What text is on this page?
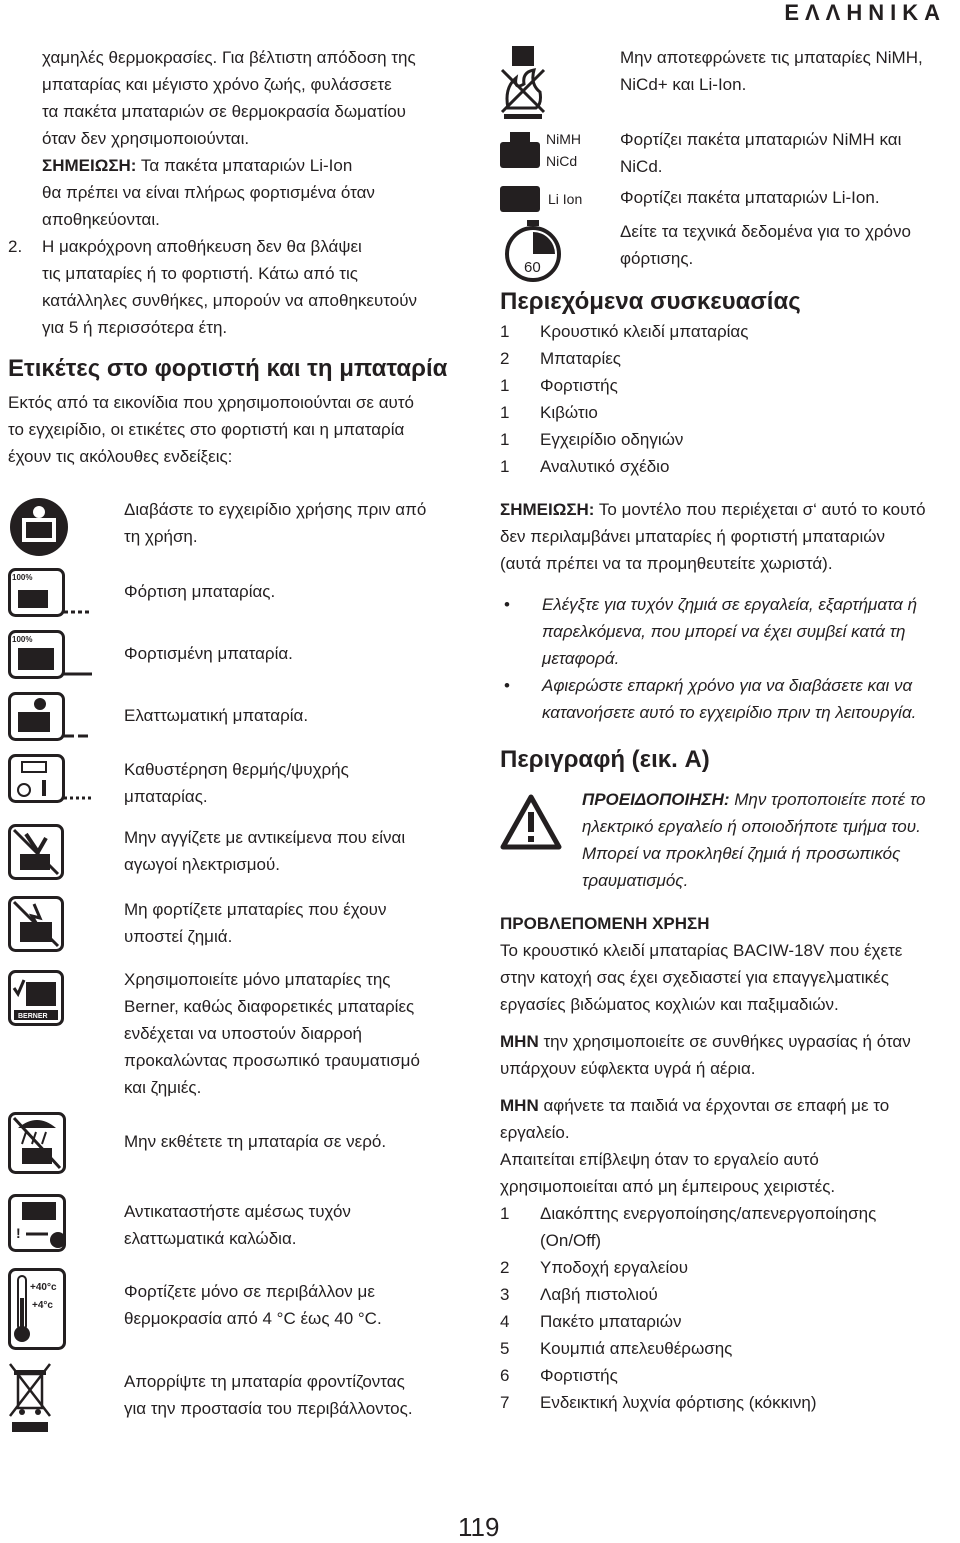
ΕΛΛΗΝΙΚΑ
χαμηλές θερμοκρασίες. Για βέλτιστη απόδοση της
μπαταρίας και μέγιστο χρόνο ζωής, φυλάσσετε
τα πακέτα μπαταριών σε θερμοκρασία δωματίου
όταν δεν χρησιμοποιούνται.
ΣΗΜΕΙΩΣΗ: Τα πακέτα μπαταριών Li-Ion
θα πρέπει να είναι πλήρως φορτισμένα όταν
αποθηκεύονται.
2. Η μακρόχρονη αποθήκευση δεν θα βλάψει
τις μπαταρίες ή το φορτιστή. Κάτω από τις
κατάλληλες συνθήκες, μπορούν να αποθηκευτούν
για 5 ή περισσότερα έτη.
Ετικέτες στο φορτιστή και τη μπαταρία
Εκτός από τα εικονίδια που χρησιμοποιούνται σε αυτό
το εγχειρίδιο, οι ετικέτες στο φορτιστή και η μπαταρία
έχουν τις ακόλουθες ενδείξεις:
Διαβάστε το εγχειρίδιο χρήσης πριν από
τη χρήση.
100%
Φόρτιση μπαταρίας.
100%
Φορτισμένη μπαταρία.
Ελαττωματική μπαταρία.
Καθυστέρηση θερμής/ψυχρής
μπαταρίας.
Μην αγγίζετε με αντικείμενα που είναι
αγωγοί ηλεκτρισμού.
Μη φορτίζετε μπαταρίες που έχουν
υποστεί ζημιά.
BERNER
Χρησιμοποιείτε μόνο μπαταρίες της
Berner, καθώς διαφορετικές μπαταρίες
ενδέχεται να υποστούν διαρροή
προκαλώντας προσωπικό τραυματισμό
και ζημιές.
Μην εκθέτετε τη μπαταρία σε νερό.
!
Αντικαταστήστε αμέσως τυχόν
ελαττωματικά καλώδια.
+40°c
+4°c
Φορτίζετε μόνο σε περιβάλλον με
θερμοκρασία από 4 °C έως 40 °C.
Απορρίψτε τη μπαταρία φροντίζοντας
για την προστασία του περιβάλλοντος.
Μην αποτεφρώνετε τις μπαταρίες NiMH,
NiCd+ και Li-Ion.
NiMH
NiCd
Φορτίζει πακέτα μπαταριών NiMH και
NiCd.
Li Ion Φορτίζει πακέτα μπαταριών Li-Ion.
60
Δείτε τα τεχνικά δεδομένα για το χρόνο
φόρτισης.
Περιεχόμενα συσκευασίας
1	Κρουστικό κλειδί μπαταρίας
2	Μπαταρίες
1	Φορτιστής
1	Κιβώτιο
1	Εγχειρίδιο οδηγιών
1	Αναλυτικό σχέδιο
ΣΗΜΕΙΩΣΗ: Το μοντέλο που περιέχεται σ‘ αυτό το κουτό
δεν περιλαμβάνει μπαταρίες ή φορτιστή μπαταριών
(αυτά πρέπει να τα προμηθευτείτε χωριστά).
•	Ελέγξτε για τυχόν ζημιά σε εργαλεία, εξαρτήματα ή
παρελκόμενα, που μπορεί να έχει συμβεί κατά τη
μεταφορά.
•	Αφιερώστε επαρκή χρόνο για να διαβάσετε και να
κατανοήσετε αυτό το εγχειρίδιο πριν τη λειτουργία.
Περιγραφή (εικ. A)
ΠΡΟΕΙΔΟΠΟΙΗΣΗ: Μην τροποποιείτε ποτέ το
ηλεκτρικό εργαλείο ή οποιοδήποτε τμήμα του.
Μπορεί να προκληθεί ζημιά ή προσωπικός
τραυματισμός.
ΠΡΟΒΛΕΠΟΜΕΝΗ ΧΡΗΣΗ
Το κρουστικό κλειδί μπαταρίας BACIW-18V που έχετε
στην κατοχή σας έχει σχεδιαστεί για επαγγελματικές
εργασίες βιδώματος κοχλιών και παξιμαδιών.
ΜΗΝ την χρησιμοποιείτε σε συνθήκες υγρασίας ή όταν
υπάρχουν εύφλεκτα υγρά ή αέρια.
ΜΗΝ αφήνετε τα παιδιά να έρχονται σε επαφή με το
εργαλείο.
Απαιτείται επίβλεψη όταν το εργαλείο αυτό
χρησιμοποιείται από μη έμπειρους χειριστές.
1	Διακόπτης ενεργοποίησης/απενεργοποίησης
(On/Off)
2	Υποδοχή εργαλείου
3	Λαβή πιστολιού
4	Πακέτο μπαταριών
5	Κουμπιά απελευθέρωσης
6	Φορτιστής
7	Ενδεικτική λυχνία φόρτισης (κόκκινη)
119
